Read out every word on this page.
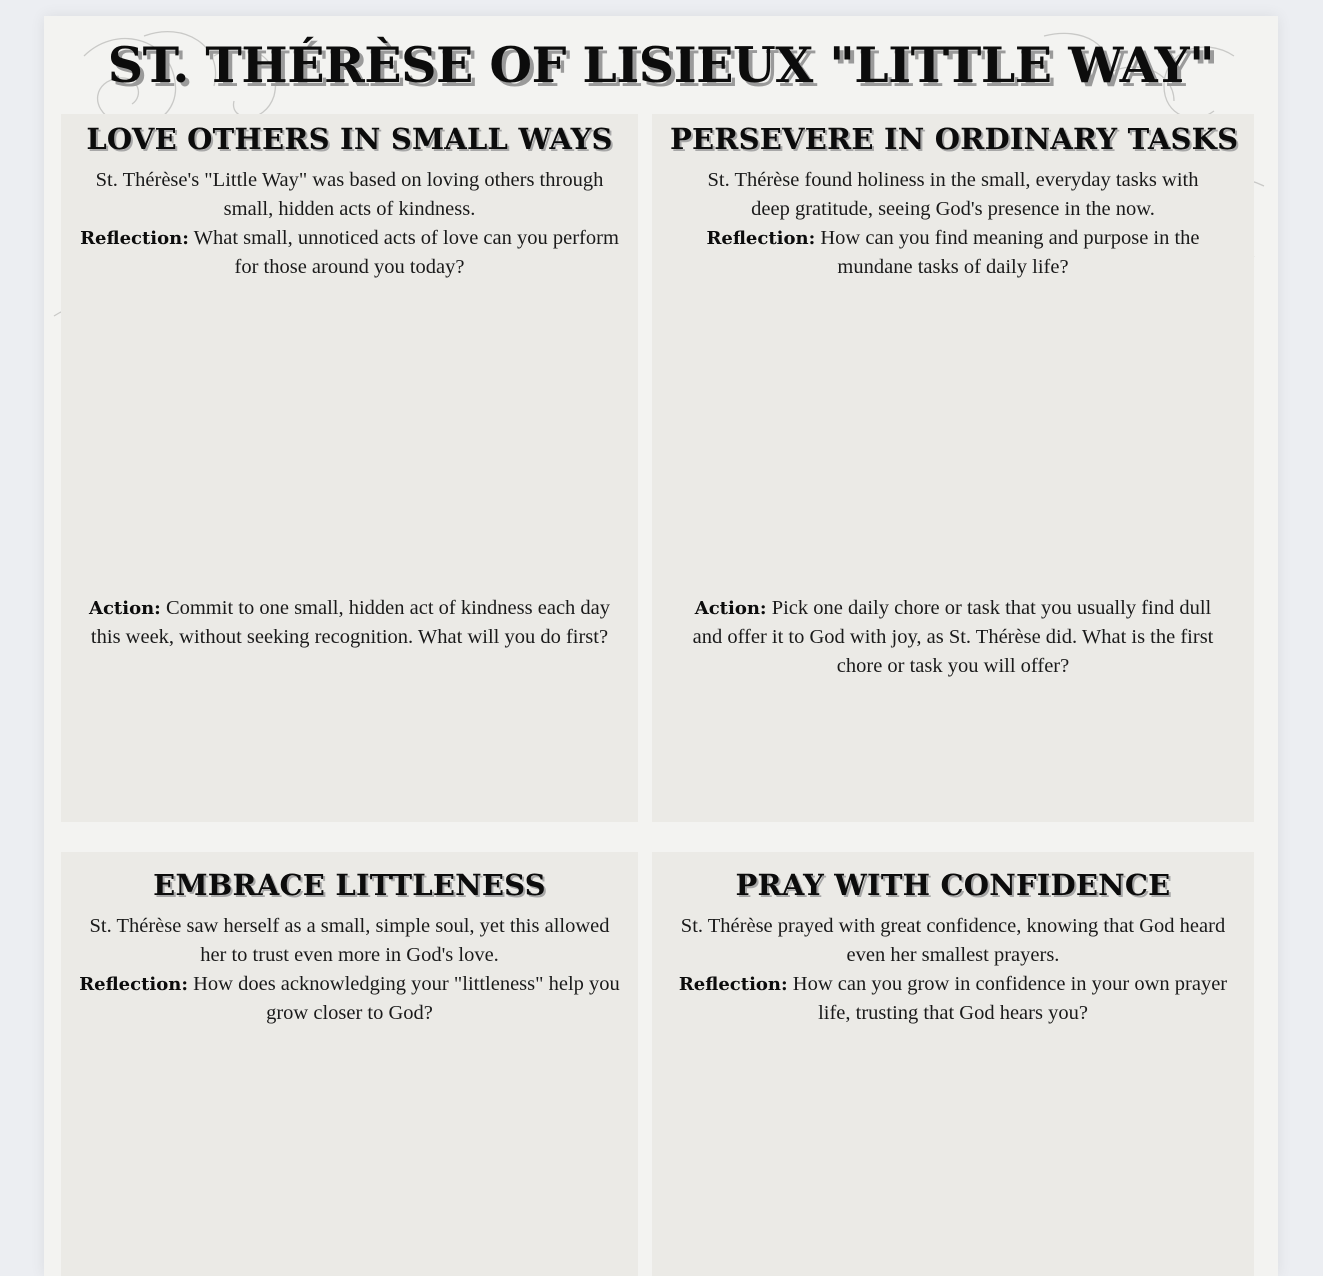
ST. THÉRÈSE OF LISIEUX "LITTLE WAY"
LOVE OTHERS IN SMALL WAYS

St. Thérèse's "Little Way" was based on loving others through small, hidden acts of kindness.

Reflection: What small, unnoticed acts of love can you perform for those around you today?

Action: Commit to one small, hidden act of kindness each day this week, without seeking recognition. What will you do first?

PERSEVERE IN ORDINARY TASKS

St. Thérèse found holiness in the small, everyday tasks with deep gratitude, seeing God's presence in the now.

Reflection: How can you find meaning and purpose in the mundane tasks of daily life?

Action: Pick one daily chore or task that you usually find dull and offer it to God with joy, as St. Thérèse did. What is the first chore or task you will offer?

EMBRACE LITTLENESS

St. Thérèse saw herself as a small, simple soul, yet this allowed her to trust even more in God's love.

Reflection: How does acknowledging your "littleness" help you grow closer to God?

PRAY WITH CONFIDENCE

St. Thérèse prayed with great confidence, knowing that God heard even her smallest prayers.

Reflection: How can you grow in confidence in your own prayer life, trusting that God hears you?
